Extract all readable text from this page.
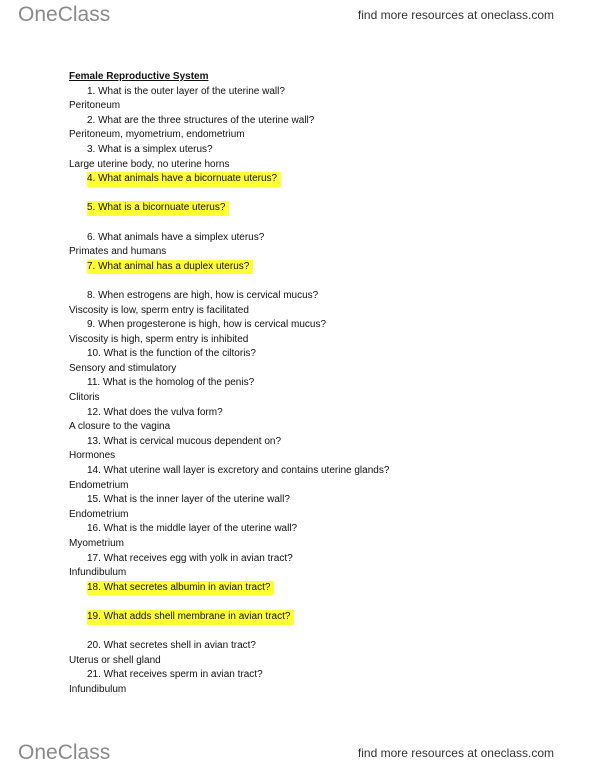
OneClass	find more resources at oneclass.com
Female Reproductive System
1. What is the outer layer of the uterine wall?
Peritoneum
2. What are the three structures of the uterine wall?
Peritoneum, myometrium, endometrium
3. What is a simplex uterus?
Large uterine body, no uterine horns
4. What animals have a bicornuate uterus?
5. What is a bicornuate uterus?
6. What animals have a simplex uterus?
Primates and humans
7. What animal has a duplex uterus?
8. When estrogens are high, how is cervical mucus?
Viscosity is low, sperm entry is facilitated
9. When progesterone is high, how is cervical mucus?
Viscosity is high, sperm entry is inhibited
10. What is the function of the ciltoris?
Sensory and stimulatory
11. What is the homolog of the penis?
Clitoris
12. What does the vulva form?
A closure to the vagina
13. What is cervical mucous dependent on?
Hormones
14. What uterine wall layer is excretory and contains uterine glands?
Endometrium
15. What is the inner layer of the uterine wall?
Endometrium
16. What is the middle layer of the uterine wall?
Myometrium
17. What receives egg with yolk in avian tract?
Infundibulum
18. What secretes albumin in avian tract?
19. What adds shell membrane in avian tract?
20. What secretes shell in avian tract?
Uterus or shell gland
21. What receives sperm in avian tract?
Infundibulum
OneClass	find more resources at oneclass.com
